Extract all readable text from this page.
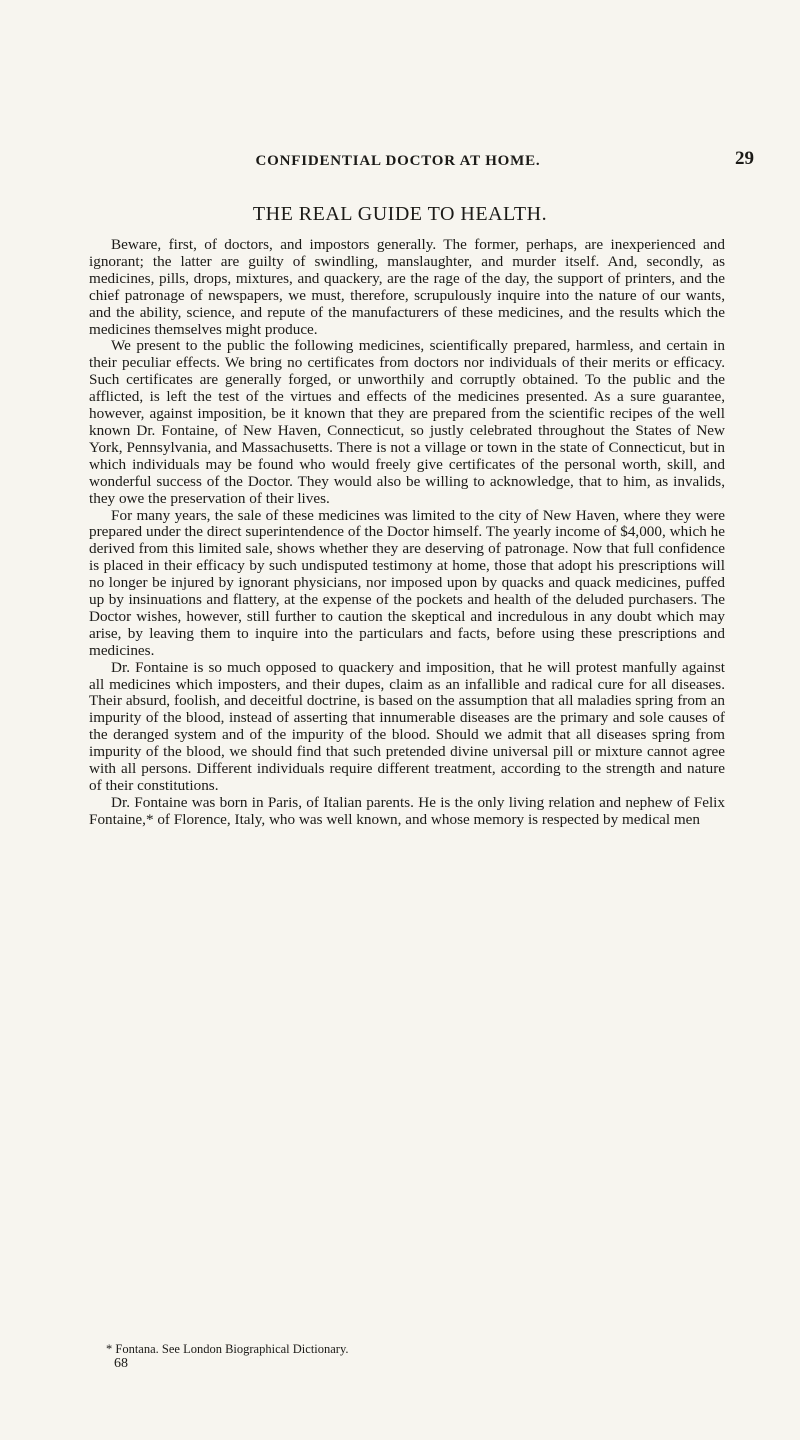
CONFIDENTIAL DOCTOR AT HOME.	29
THE REAL GUIDE TO HEALTH.

Beware, first, of doctors, and impostors generally. The former, perhaps, are inexperienced and ignorant; the latter are guilty of swindling, manslaughter, and murder itself. And, secondly, as medicines, pills, drops, mixtures, and quackery, are the rage of the day, the support of printers, and the chief patronage of newspapers, we must, therefore, scrupulously inquire into the nature of our wants, and the ability, science, and repute of the manufacturers of these medicines, and the results which the medicines themselves might produce.

We present to the public the following medicines, scientifically prepared, harmless, and certain in their peculiar effects. We bring no certificates from doctors nor individuals of their merits or efficacy. Such certificates are generally forged, or unworthily and corruptly obtained. To the public and the afflicted, is left the test of the virtues and effects of the medicines presented. As a sure guarantee, however, against imposition, be it known that they are prepared from the scientific recipes of the well known Dr. Fontaine, of New Haven, Connecticut, so justly celebrated throughout the States of New York, Pennsylvania, and Massachusetts. There is not a village or town in the state of Connecticut, but in which individuals may be found who would freely give certificates of the personal worth, skill, and wonderful success of the Doctor. They would also be willing to acknowledge, that to him, as invalids, they owe the preservation of their lives.

For many years, the sale of these medicines was limited to the city of New Haven, where they were prepared under the direct superintendence of the Doctor himself. The yearly income of $4,000, which he derived from this limited sale, shows whether they are deserving of patronage. Now that full confidence is placed in their efficacy by such undisputed testimony at home, those that adopt his prescriptions will no longer be injured by ignorant physicians, nor imposed upon by quacks and quack medicines, puffed up by insinuations and flattery, at the expense of the pockets and health of the deluded purchasers. The Doctor wishes, however, still further to caution the skeptical and incredulous in any doubt which may arise, by leaving them to inquire into the particulars and facts, before using these prescriptions and medicines.

Dr. Fontaine is so much opposed to quackery and imposition, that he will protest manfully against all medicines which imposters, and their dupes, claim as an infallible and radical cure for all diseases. Their absurd, foolish, and deceitful doctrine, is based on the assumption that all maladies spring from an impurity of the blood, instead of asserting that innumerable diseases are the primary and sole causes of the deranged system and of the impurity of the blood. Should we admit that all diseases spring from impurity of the blood, we should find that such pretended divine universal pill or mixture cannot agree with all persons. Different individuals require different treatment, according to the strength and nature of their constitutions.

Dr. Fontaine was born in Paris, of Italian parents. He is the only living relation and nephew of Felix Fontaine,* of Florence, Italy, who was well known, and whose memory is respected by medical men

* Fontana. See London Biographical Dictionary.
68
